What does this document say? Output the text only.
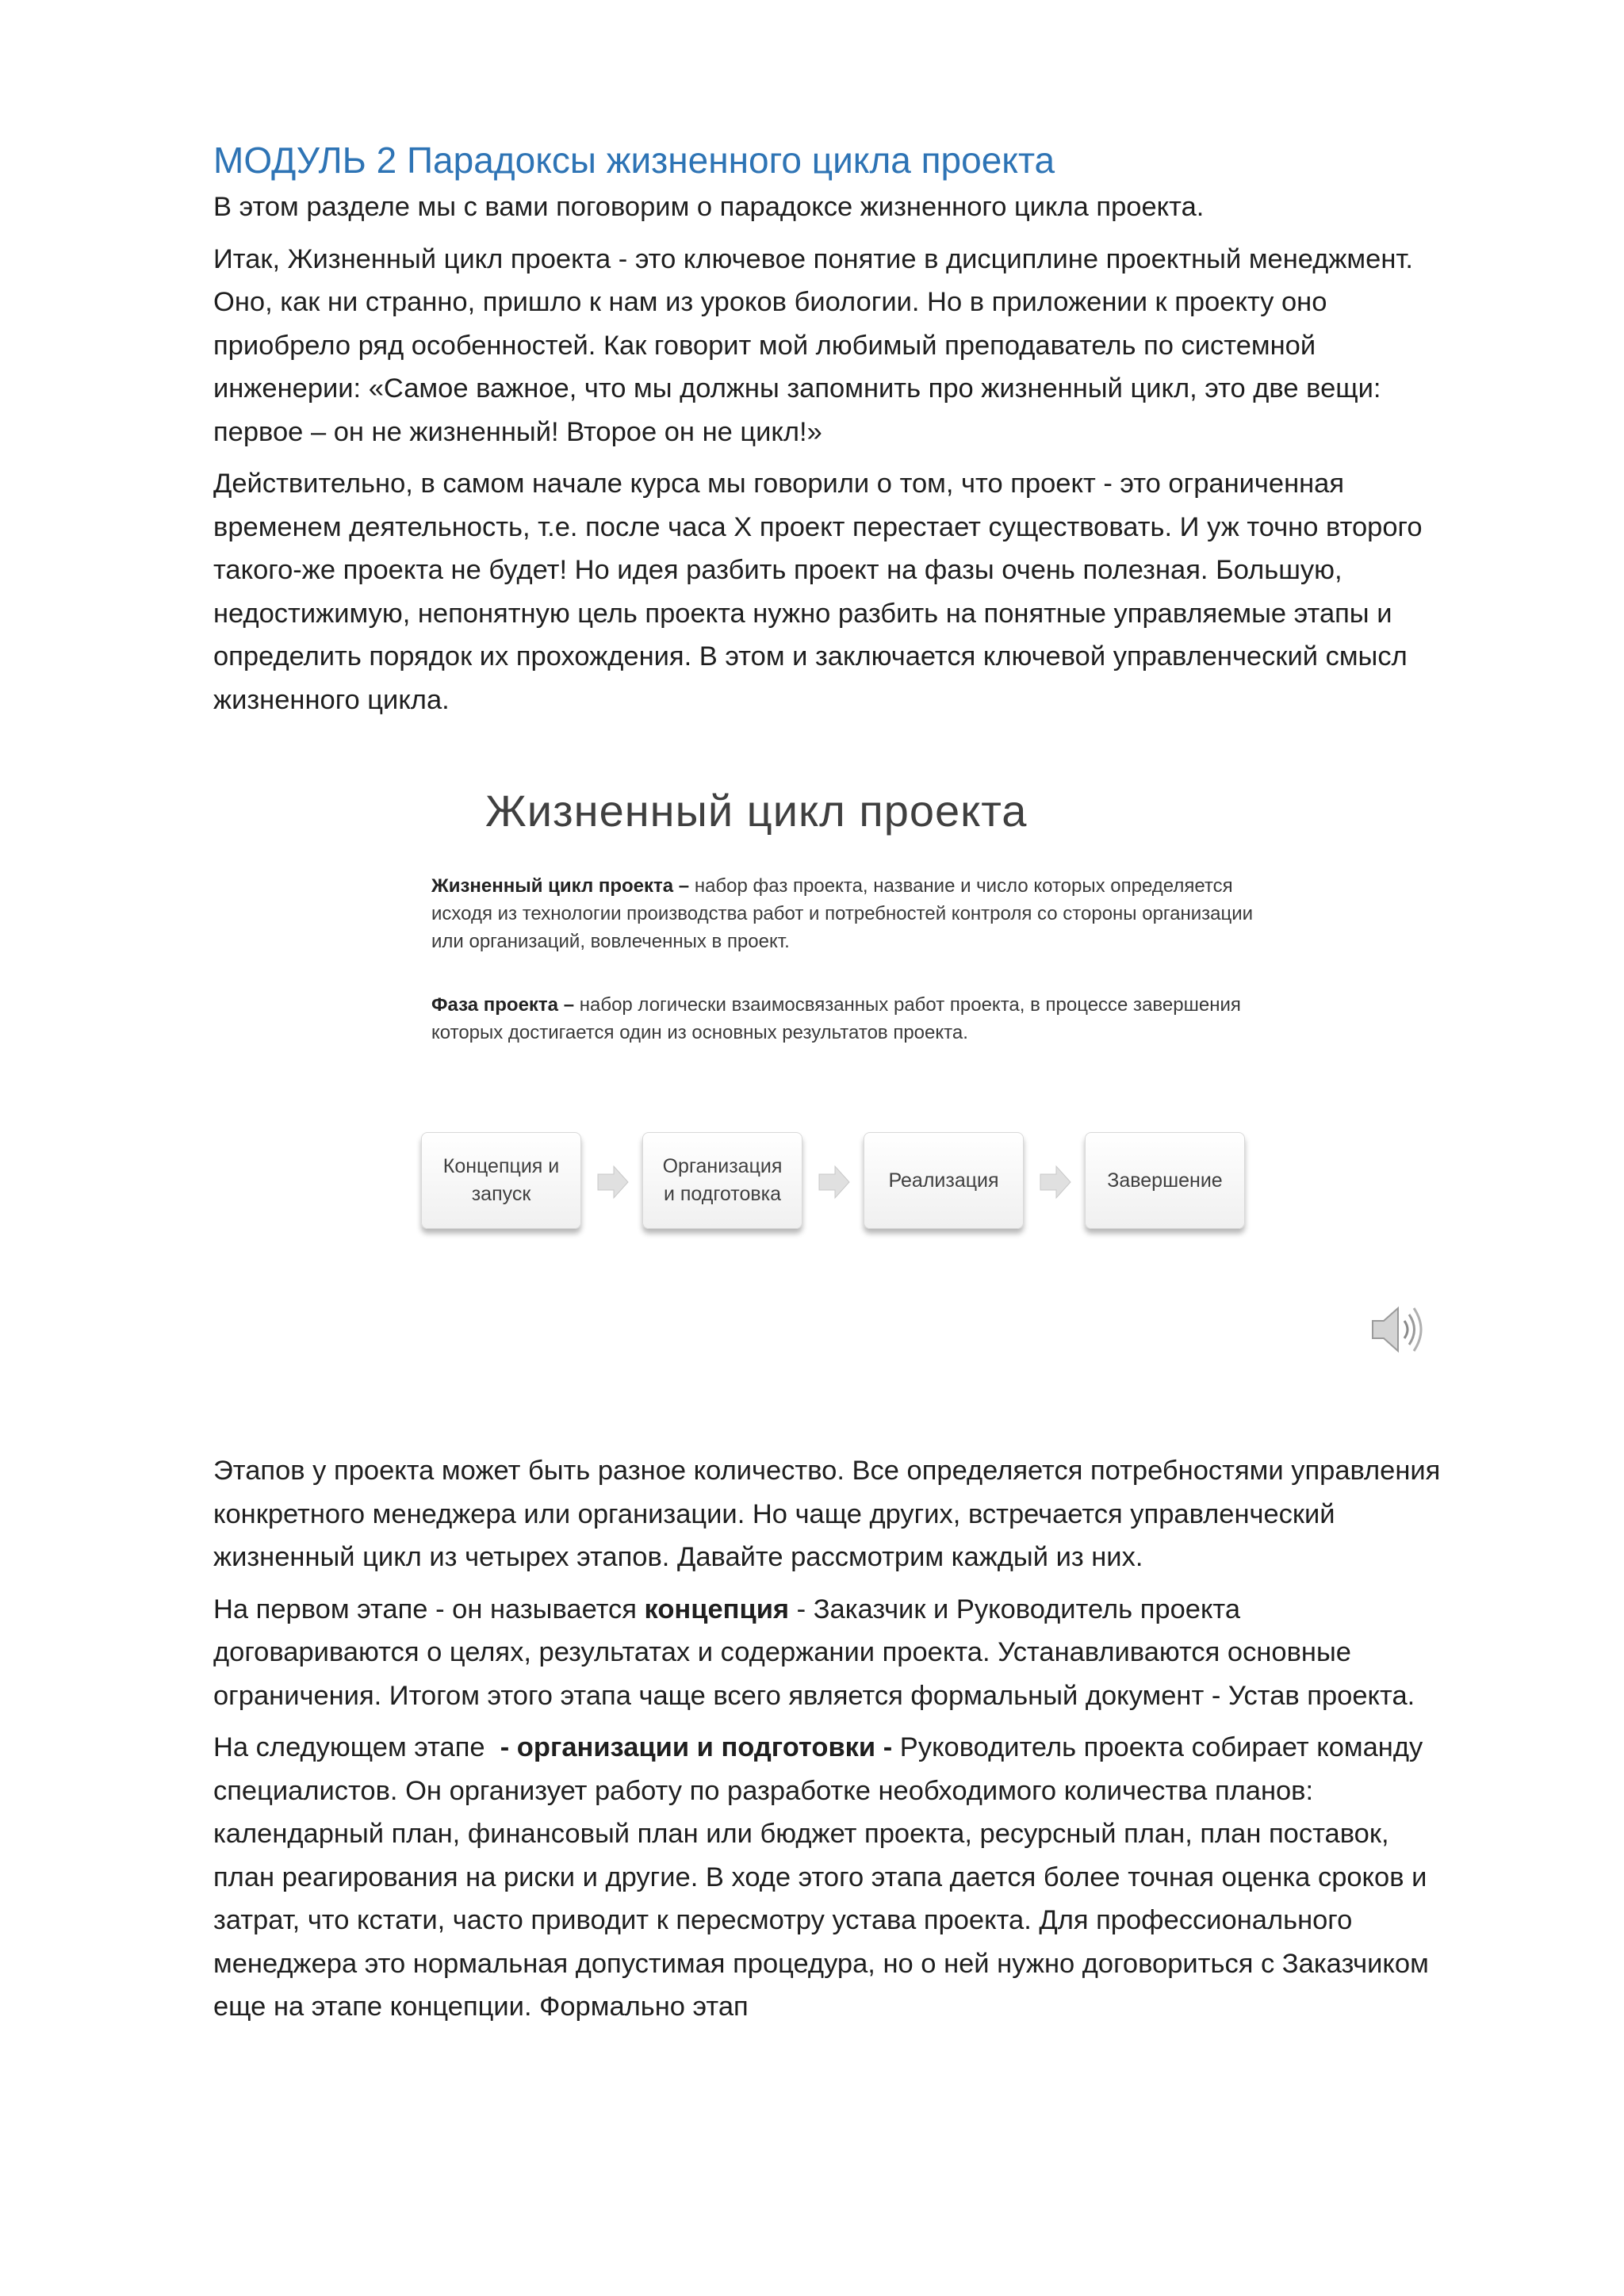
МОДУЛЬ 2 Парадоксы жизненного цикла проекта

В этом разделе мы с вами поговорим о парадоксе жизненного цикла проекта.

Итак, Жизненный цикл проекта - это ключевое понятие в дисциплине проектный менеджмент. Оно, как ни странно, пришло к нам из уроков биологии. Но в приложении к проекту оно приобрело ряд особенностей. Как говорит мой любимый преподаватель по системной инженерии: «Самое важное, что мы должны запомнить про жизненный цикл, это две вещи: первое – он не жизненный! Второе он не цикл!»

Действительно, в самом начале курса мы говорили о том, что проект - это ограниченная временем деятельность, т.е. после часа Х проект перестает существовать. И уж точно второго такого-же проекта не будет! Но идея разбить проект на фазы очень полезная. Большую, недостижимую, непонятную цель проекта нужно разбить на понятные управляемые этапы и определить порядок их прохождения. В этом и заключается ключевой управленческий смысл жизненного цикла.

Жизненный цикл проекта
Жизненный цикл проекта – набор фаз проекта, название и число которых определяется исходя из технологии производства работ и потребностей контроля со стороны организации или организаций, вовлеченных в проект.
Фаза проекта – набор логически взаимосвязанных работ проекта, в процессе завершения которых достигается один из основных результатов проекта.
Концепция и
запуск
Организация
и подготовка
Реализация	Завершение

Этапов у проекта может быть разное количество. Все определяется потребностями управления конкретного менеджера или организации. Но чаще других, встречается управленческий жизненный цикл из четырех этапов. Давайте рассмотрим каждый из них.

На первом этапе - он называется концепция - Заказчик и Руководитель проекта договариваются о целях, результатах и содержании проекта. Устанавливаются основные ограничения. Итогом этого этапа чаще всего является формальный документ - Устав проекта.

На следующем этапе  - организации и подготовки - Руководитель проекта собирает команду специалистов. Он организует работу по разработке необходимого количества планов: календарный план, финансовый план или бюджет проекта, ресурсный план, план поставок, план реагирования на риски и другие. В ходе этого этапа дается более точная оценка сроков и затрат, что кстати, часто приводит к пересмотру устава проекта. Для профессионального менеджера это нормальная допустимая процедура, но о ней нужно договориться с Заказчиком еще на этапе концепции. Формально этап
